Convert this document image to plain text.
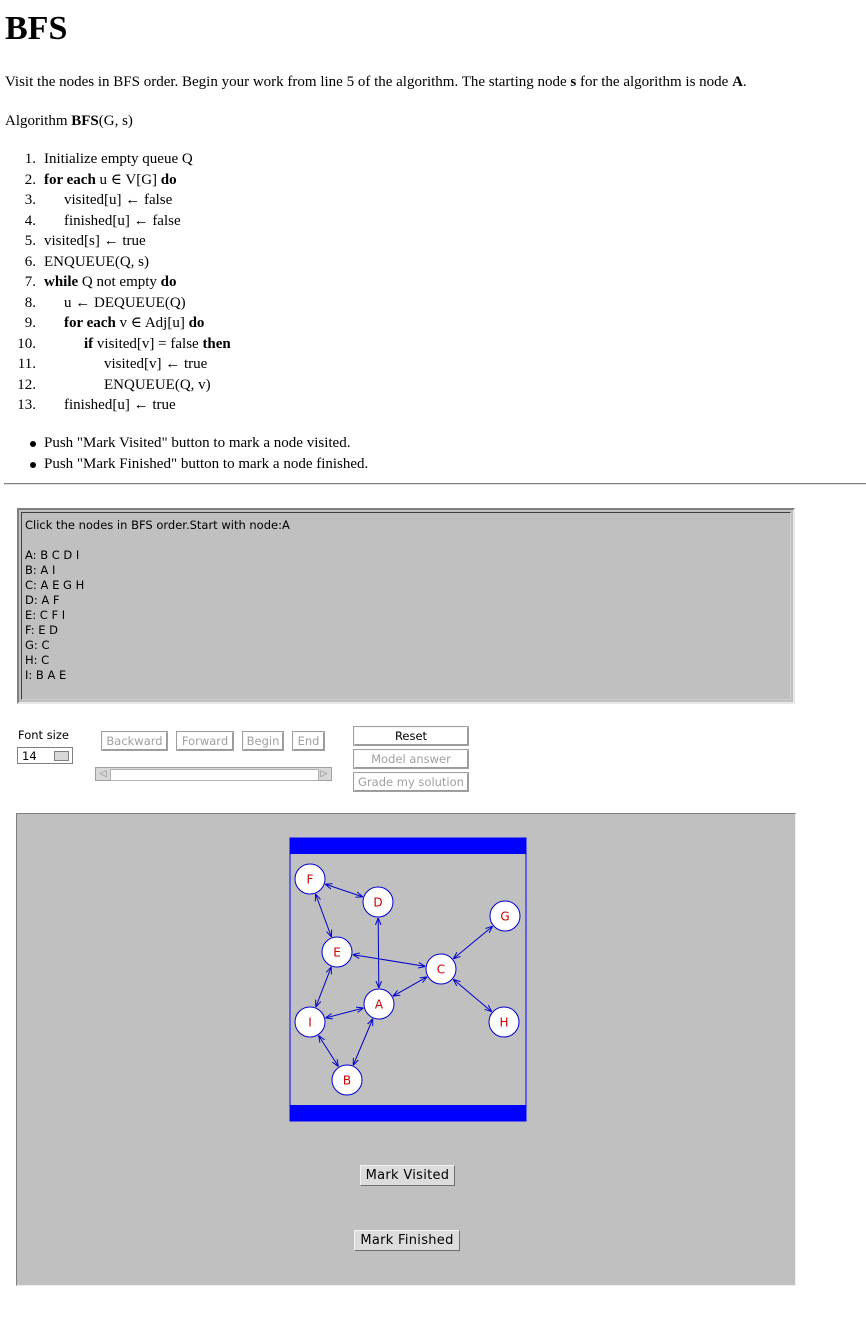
BFS

Visit the nodes in BFS order. Begin your work from line 5 of the algorithm. The starting node s for the algorithm is node A.

Algorithm BFS(G, s)

1. Initialize empty queue Q
2. for each u ∈ V[G] do
3. visited[u] ← false
4. finished[u] ← false
5. visited[s] ← true
6. ENQUEUE(Q, s)
7. while Q not empty do
8. u ← DEQUEUE(Q)
9. for each v ∈ Adj[u] do
10.	if visited[v] = false then
11.	visited[v] ← true
12.	ENQUEUE(Q, v)
13. finished[u] ← true
Push "Mark Visited" button to mark a node visited.
Push "Mark Finished" button to mark a node finished.
Click the nodes in BFS order.Start with node:A

A: B C D I
B: A I
C: A E G H
D: A F
E: C F I
F: E D
G: C
H: C
I: B A E
Font size
14
Backward	Forward	Begin	End
◁	▷
Reset
Model answer
Grade my solution
F
D
G
E
C
A
I	H
B
Mark Visited
Mark Finished
